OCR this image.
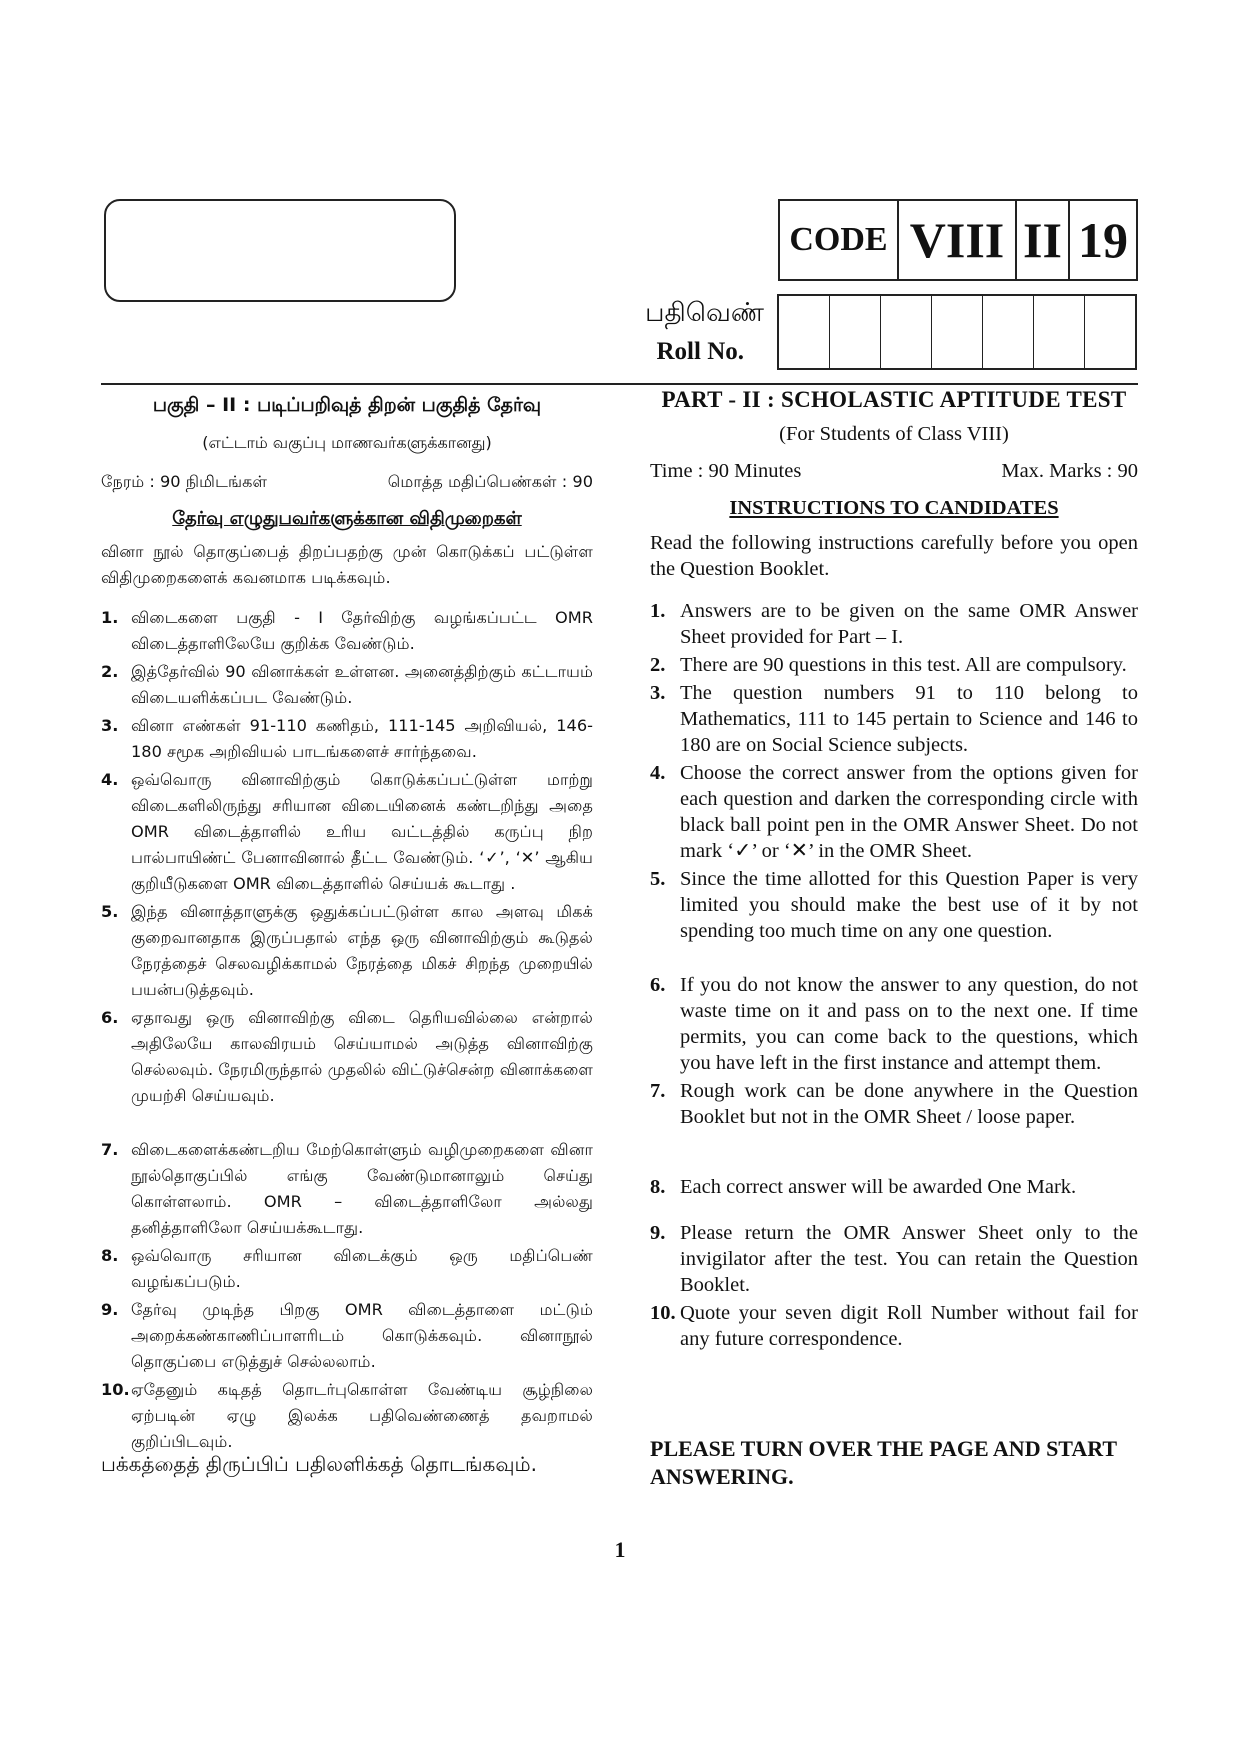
CODE VIII II 19
பதிவெண்
Roll No.
பகுதி – II : படிப்பறிவுத் திறன் பகுதித் தேர்வு
(எட்டாம் வகுப்பு மாணவர்களுக்கானது)
நேரம் : 90 நிமிடங்கள்	மொத்த மதிப்பெண்கள் : 90
தேர்வு எழுதுபவர்களுக்கான விதிமுறைகள்
வினா நூல் தொகுப்பைத் திறப்பதற்கு முன் கொடுக்கப் பட்டுள்ள விதிமுறைகளைக் கவனமாக படிக்கவும்.
1. விடைகளை பகுதி - I தேர்விற்கு வழங்கப்பட்ட OMR விடைத்தாளிலேயே குறிக்க வேண்டும்.
2. இத்தேர்வில் 90 வினாக்கள் உள்ளன. அனைத்திற்கும் கட்டாயம் விடையளிக்கப்பட வேண்டும்.
3. வினா எண்கள் 91-110 கணிதம், 111-145 அறிவியல், 146-180 சமூக அறிவியல் பாடங்களைச் சார்ந்தவை.
4. ஒவ்வொரு வினாவிற்கும் கொடுக்கப்பட்டுள்ள மாற்று விடைகளிலிருந்து சரியான விடையினைக் கண்டறிந்து அதை OMR விடைத்தாளில் உரிய வட்டத்தில் கருப்பு நிற பால்பாயிண்ட் பேனாவினால் தீட்ட வேண்டும். ‘✓’, ‘✕’ ஆகிய குறியீடுகளை OMR விடைத்தாளில் செய்யக் கூடாது .
5. இந்த வினாத்தாளுக்கு ஒதுக்கப்பட்டுள்ள கால அளவு மிகக் குறைவானதாக இருப்பதால் எந்த ஒரு வினாவிற்கும் கூடுதல் நேரத்தைச் செலவழிக்காமல் நேரத்தை மிகச் சிறந்த முறையில் பயன்படுத்தவும்.
6. ஏதாவது ஒரு வினாவிற்கு விடை தெரியவில்லை என்றால் அதிலேயே காலவிரயம் செய்யாமல் அடுத்த வினாவிற்கு செல்லவும். நேரமிருந்தால் முதலில் விட்டுச்சென்ற வினாக்களை முயற்சி செய்யவும்.
7. விடைகளைக்கண்டறிய மேற்கொள்ளும் வழிமுறைகளை வினா நூல்தொகுப்பில் எங்கு வேண்டுமானாலும் செய்து கொள்ளலாம். OMR – விடைத்தாளிலோ அல்லது தனித்தாளிலோ செய்யக்கூடாது.
8. ஒவ்வொரு சரியான விடைக்கும் ஒரு மதிப்பெண் வழங்கப்படும்.
9. தேர்வு முடிந்த பிறகு OMR விடைத்தாளை மட்டும் அறைக்கண்காணிப்பாளரிடம் கொடுக்கவும். வினாநூல் தொகுப்பை எடுத்துச் செல்லலாம்.
10. ஏதேனும் கடிதத் தொடர்புகொள்ள வேண்டிய சூழ்நிலை ஏற்படின் ஏழு இலக்க பதிவெண்ணைத் தவறாமல் குறிப்பிடவும்.
பக்கத்தைத் திருப்பிப் பதிலளிக்கத் தொடங்கவும்.
PART - II : SCHOLASTIC APTITUDE TEST
(For Students of Class VIII)
Time : 90 Minutes	Max. Marks : 90
INSTRUCTIONS TO CANDIDATES
Read the following instructions carefully before you open the Question Booklet.
1. Answers are to be given on the same OMR Answer Sheet provided for Part – I.
2. There are 90 questions in this test. All are compulsory.
3. The question numbers 91 to 110 belong to Mathematics, 111 to 145 pertain to Science and 146 to 180 are on Social Science subjects.
4. Choose the correct answer from the options given for each question and darken the corresponding circle with black ball point pen in the OMR Answer Sheet. Do not mark ‘✓’ or ‘✕’ in the OMR Sheet.
5. Since the time allotted for this Question Paper is very limited you should make the best use of it by not spending too much time on any one question.
6. If you do not know the answer to any question, do not waste time on it and pass on to the next one. If time permits, you can come back to the questions, which you have left in the first instance and attempt them.
7. Rough work can be done anywhere in the Question Booklet but not in the OMR Sheet / loose paper.
8. Each correct answer will be awarded One Mark.
9. Please return the OMR Answer Sheet only to the invigilator after the test. You can retain the Question Booklet.
10. Quote your seven digit Roll Number without fail for any future correspondence.
PLEASE TURN OVER THE PAGE AND START ANSWERING.
1
